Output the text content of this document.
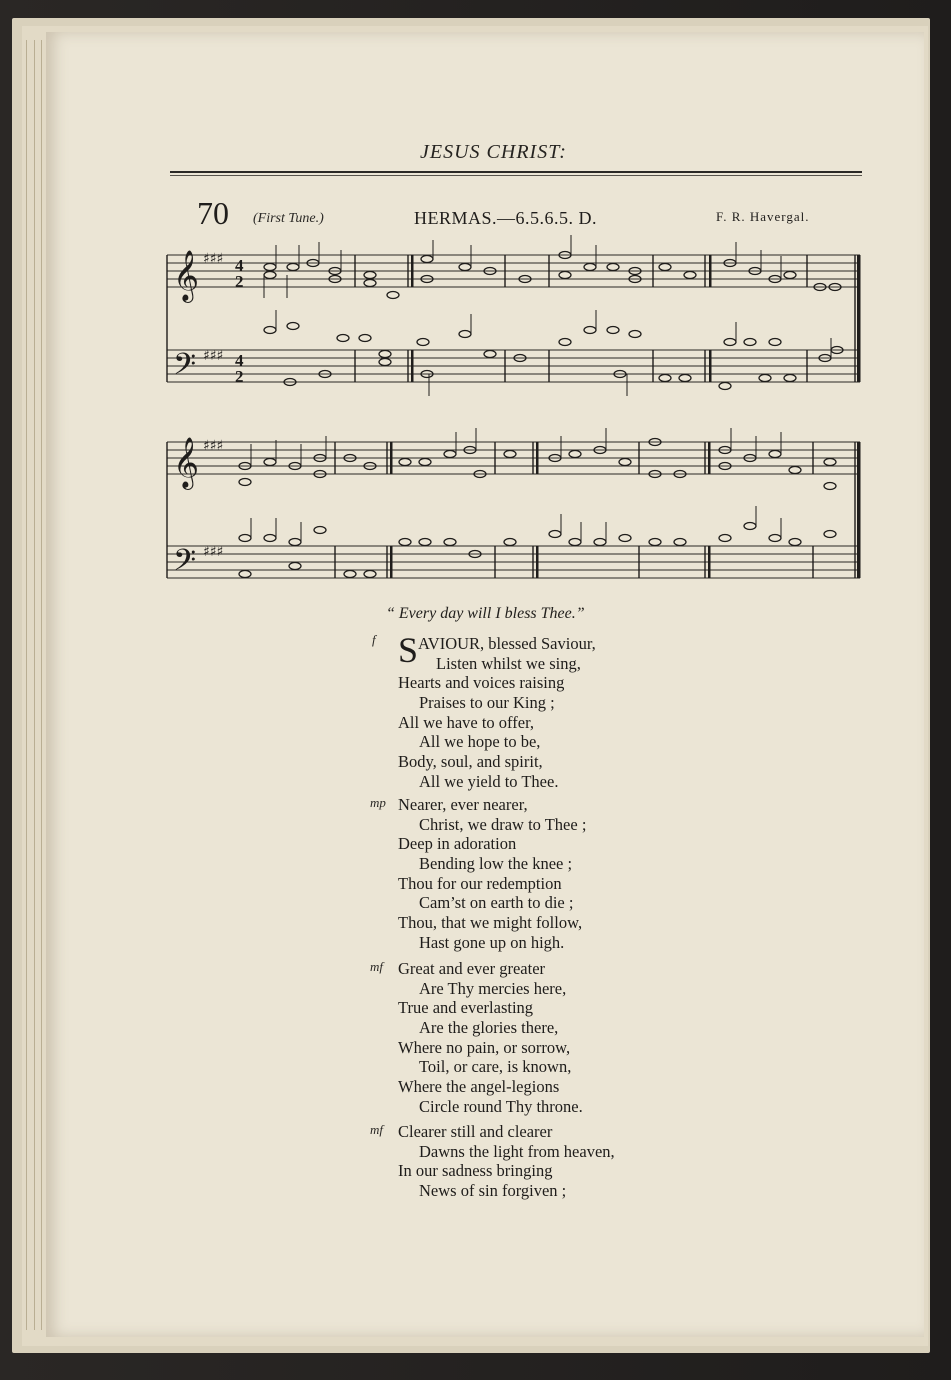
JESUS CHRIST:
70 (First Tune.)	HERMAS.—6.5.6.5. D.	F. R. Havergal.
𝄞
𝄢
♯♯♯
♯♯♯
4
2
4
2
𝄞
𝄢
♯♯♯
♯♯♯
“ Every day will I bless Thee.”
f S AVIOUR, blessed Saviour,
Listen whilst we sing,
Hearts and voices raising
Praises to our King ;
All we have to offer,
All we hope to be,
Body, soul, and spirit,
All we yield to Thee.
mp Nearer, ever nearer,
Christ, we draw to Thee ;
Deep in adoration
Bending low the knee ;
Thou for our redemption
Cam’st on earth to die ;
Thou, that we might follow,
Hast gone up on high.
mf Great and ever greater
Are Thy mercies here,
True and everlasting
Are the glories there,
Where no pain, or sorrow,
Toil, or care, is known,
Where the angel-legions
Circle round Thy throne.
mf Clearer still and clearer
Dawns the light from heaven,
In our sadness bringing
News of sin forgiven ;
